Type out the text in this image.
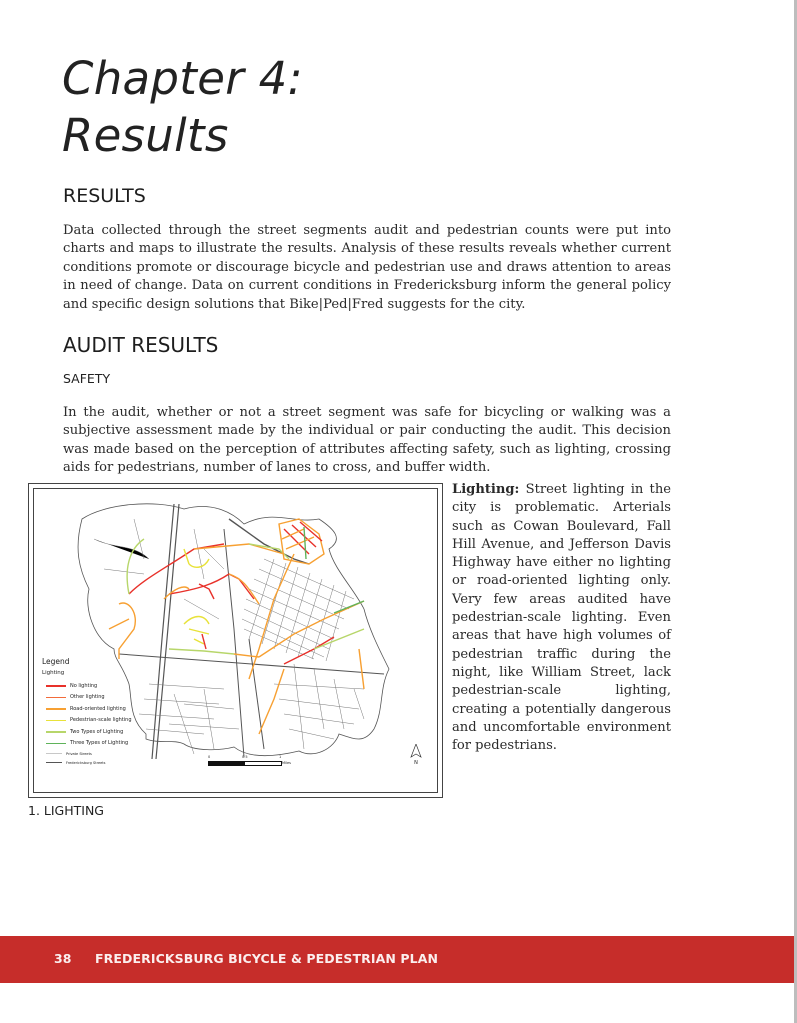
Chapter 4:
Results
RESULTS

Data collected through the street segments audit and pedestrian counts were put into charts and maps to illustrate the results. Analysis of these results reveals whether current conditions promote or discourage bicycle and pedestrian use and draws attention to areas in need of change. Data on current conditions in Fredericksburg inform the general policy and specific design solutions that Bike|Ped|Fred suggests for the city.

AUDIT RESULTS
SAFETY

In the audit, whether or not a street segment was safe for bicycling or walking was a subjective assessment made by the individual or pair conducting the audit. This decision was made based on the perception of attributes affecting safety, such as lighting, crossing aids for pedestrians, number of lanes to cross, and buffer width.

Legend
Lighting
No lighting
Other lighting
Road-oriented lighting
Pedestrian-scale lighting
Two Types of Lighting
Three Types of Lighting
Private Streets
Fredericksburg Streets
0	0.5	1
Miles	N

Lighting: Street lighting in the city is problematic. Arterials such as Cowan Boulevard, Fall Hill Avenue, and Jefferson Davis Highway have either no lighting or road-oriented lighting only. Very few areas audited have pedestrian-scale lighting. Even areas that have high volumes of pedestrian traffic during the night, like William Street, lack pedestrian-scale lighting, creating a potentially dangerous and uncomfortable environment for pedestrians.

1. LIGHTING
38 FREDERICKSBURG BICYCLE & PEDESTRIAN PLAN
